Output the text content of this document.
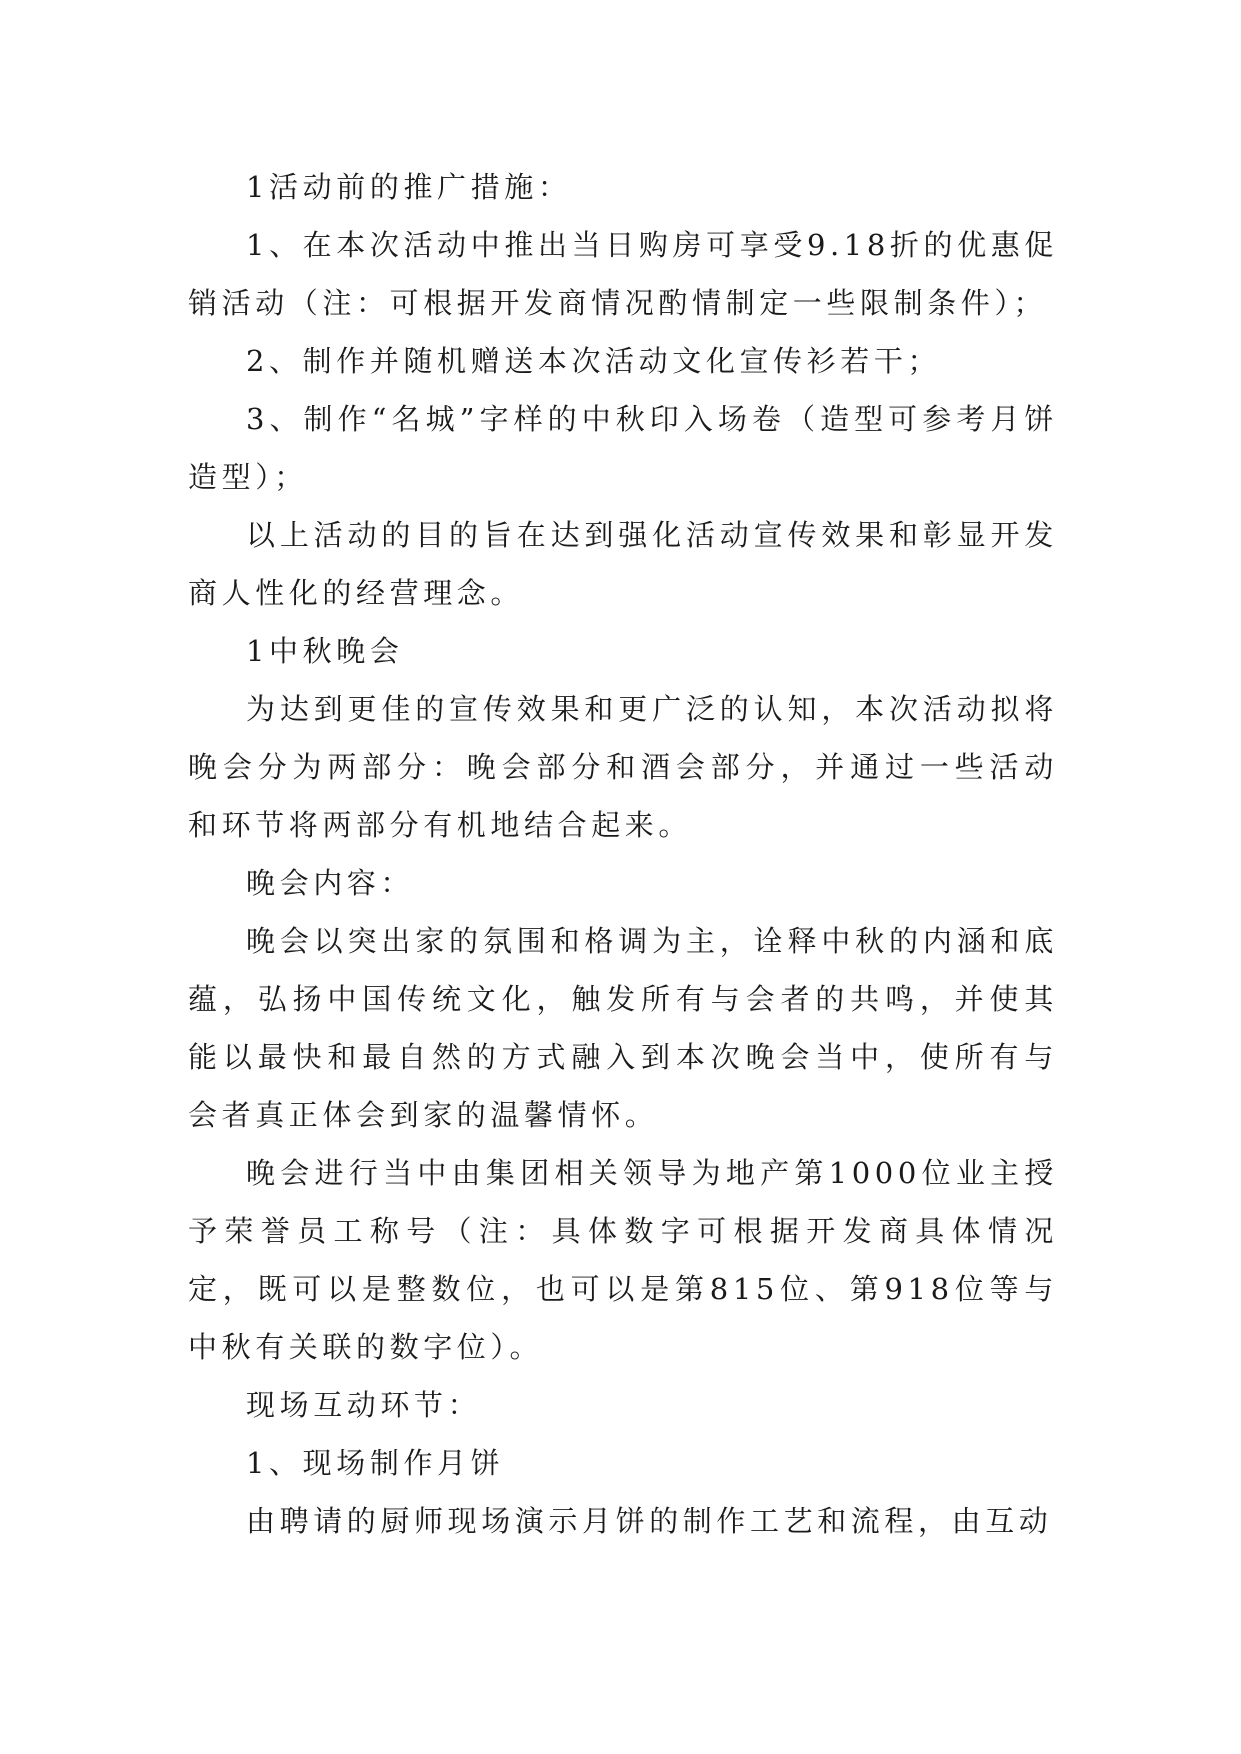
1活动前的推广措施：

1、在本次活动中推出当日购房可享受9.18折的优惠促销活动（注：可根据开发商情况酌情制定一些限制条件）；

2、制作并随机赠送本次活动文化宣传衫若干；

3、制作“名城”字样的中秋印入场卷（造型可参考月饼造型）；

以上活动的目的旨在达到强化活动宣传效果和彰显开发商人性化的经营理念。

1中秋晚会

为达到更佳的宣传效果和更广泛的认知，本次活动拟将晚会分为两部分：晚会部分和酒会部分，并通过一些活动和环节将两部分有机地结合起来。

晚会内容：

晚会以突出家的氛围和格调为主，诠释中秋的内涵和底蕴，弘扬中国传统文化，触发所有与会者的共鸣，并使其能以最快和最自然的方式融入到本次晚会当中，使所有与会者真正体会到家的温馨情怀。

晚会进行当中由集团相关领导为地产第1000位业主授予荣誉员工称号（注：具体数字可根据开发商具体情况定，既可以是整数位，也可以是第815位、第918位等与中秋有关联的数字位）。

现场互动环节：

1、现场制作月饼

由聘请的厨师现场演示月饼的制作工艺和流程，由互动
